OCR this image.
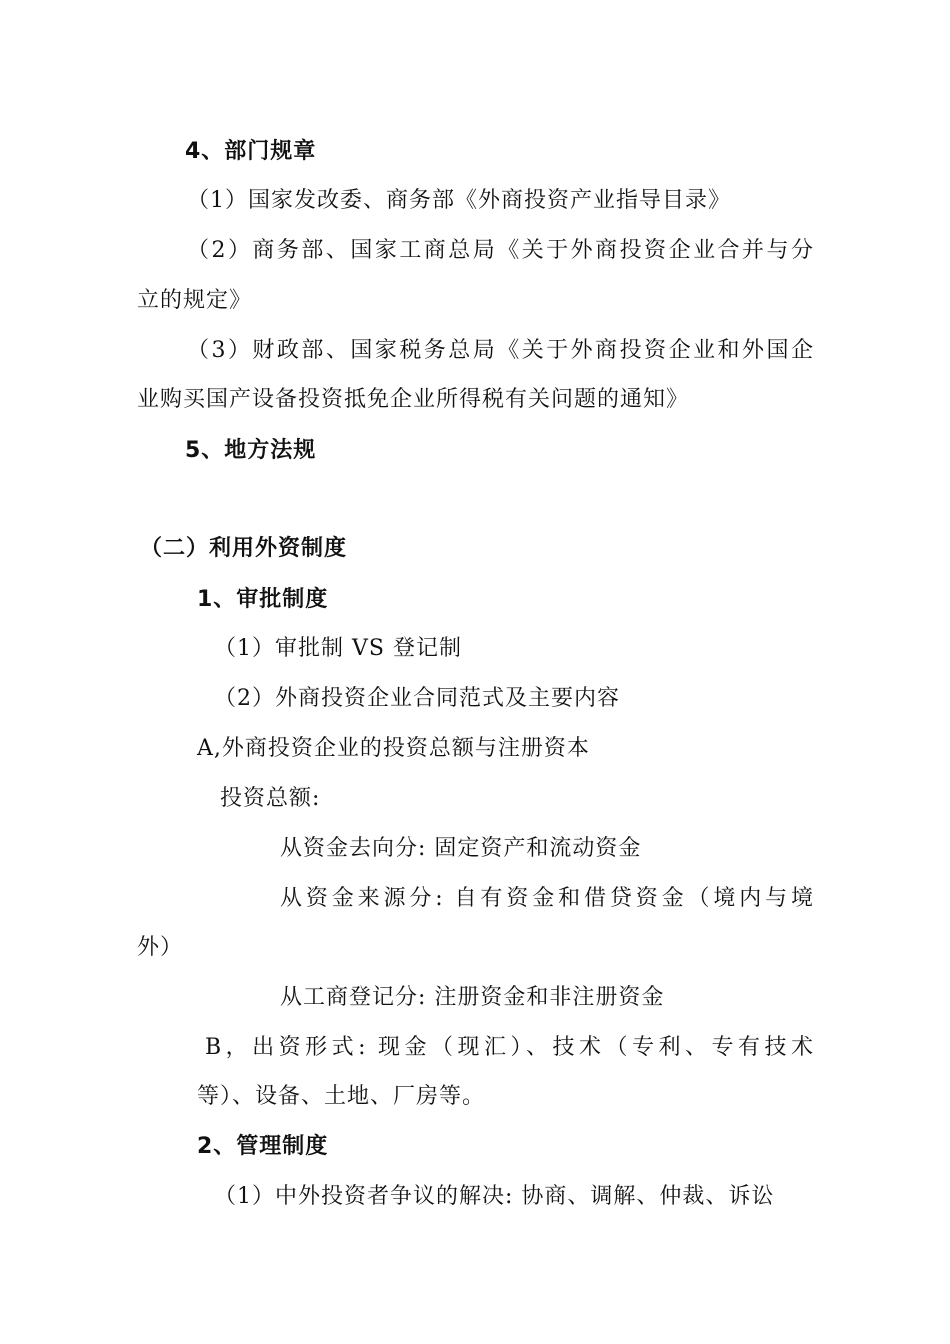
4、部门规章
（1）国家发改委、商务部《外商投资产业指导目录》
（2）商务部、国家工商总局《关于外商投资企业合并与分
立的规定》
（3）财政部、国家税务总局《关于外商投资企业和外国企
业购买国产设备投资抵免企业所得税有关问题的通知》
5、地方法规
（二）利用外资制度
1、审批制度
（1）审批制 VS 登记制
（2）外商投资企业合同范式及主要内容
A,外商投资企业的投资总额与注册资本
投资总额:
从资金去向分: 固定资产和流动资金
从资金来源分: 自有资金和借贷资金（境内与境
外）
从工商登记分: 注册资金和非注册资金
B，出资形式: 现金（现汇）、技术（专利、专有技术
等）、设备、土地、厂房等。
2、管理制度
（1）中外投资者争议的解决: 协商、调解、仲裁、诉讼
